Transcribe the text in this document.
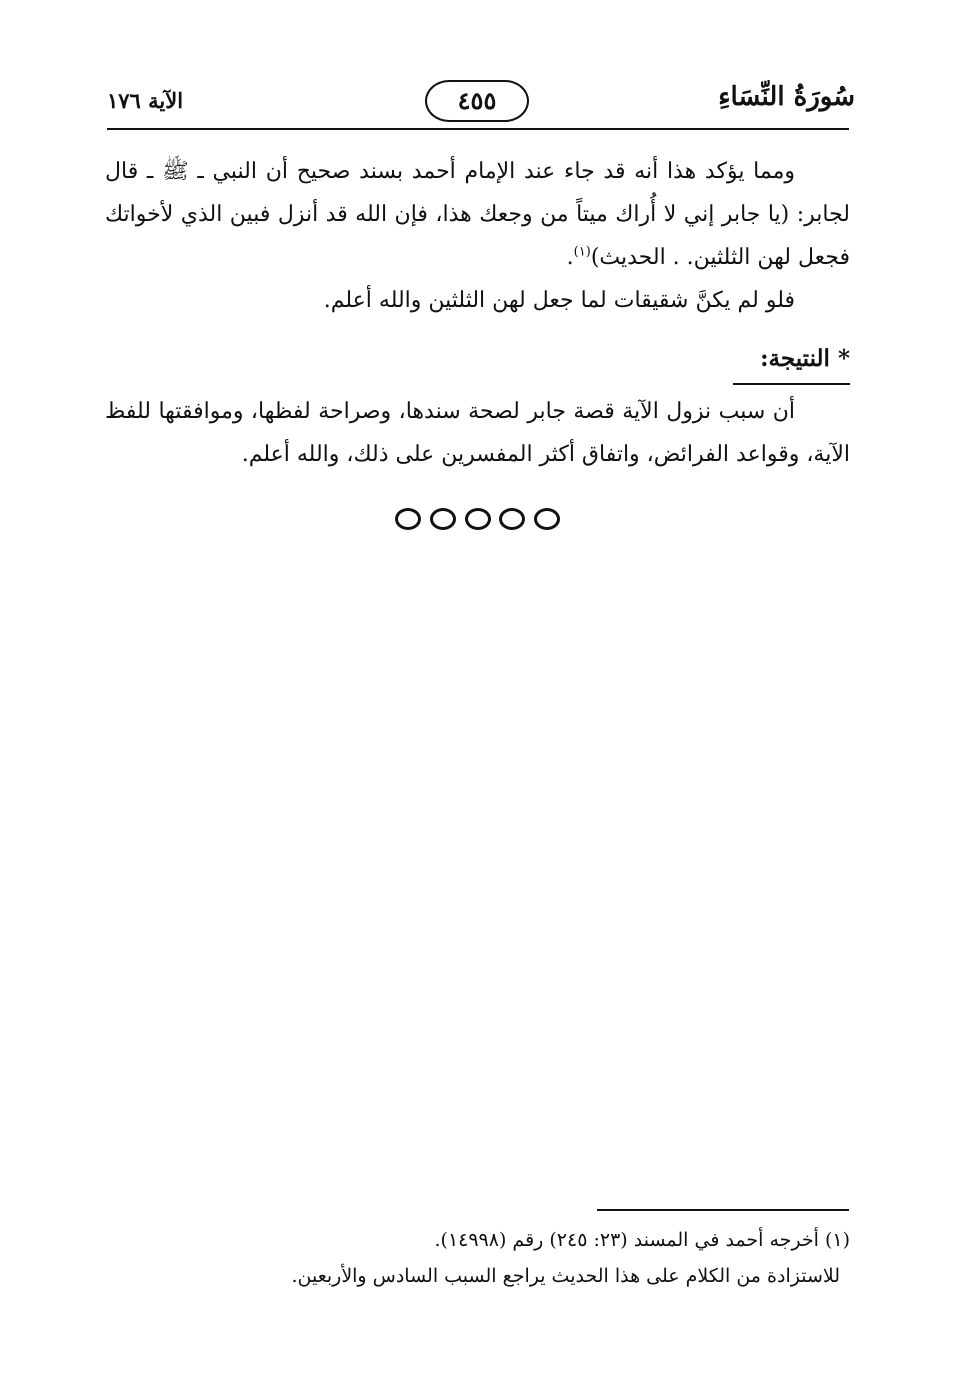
سُورَةُ النِّسَاءِ
٤٥٥
الآية ١٧٦

ومما يؤكد هذا أنه قد جاء عند الإمام أحمد بسند صحيح أن النبي ـ ﷺ ـ قال لجابر: (يا جابر إني لا أُراك ميتاً من وجعك هذا، فإن الله قد أنزل فبين الذي لأخواتك فجعل لهن الثلثين. . الحديث)$^{(١)}$.

فلو لم يكنَّ شقيقات لما جعل لهن الثلثين والله أعلم.

* النتيجة:

أن سبب نزول الآية قصة جابر لصحة سندها، وصراحة لفظها، وموافقتها للفظ الآية، وقواعد الفرائض، واتفاق أكثر المفسرين على ذلك، والله أعلم.

(١) أخرجه أحمد في المسند (٢٣: ٢٤٥) رقم (١٤٩٩٨).

للاستزادة من الكلام على هذا الحديث يراجع السبب السادس والأربعين.
